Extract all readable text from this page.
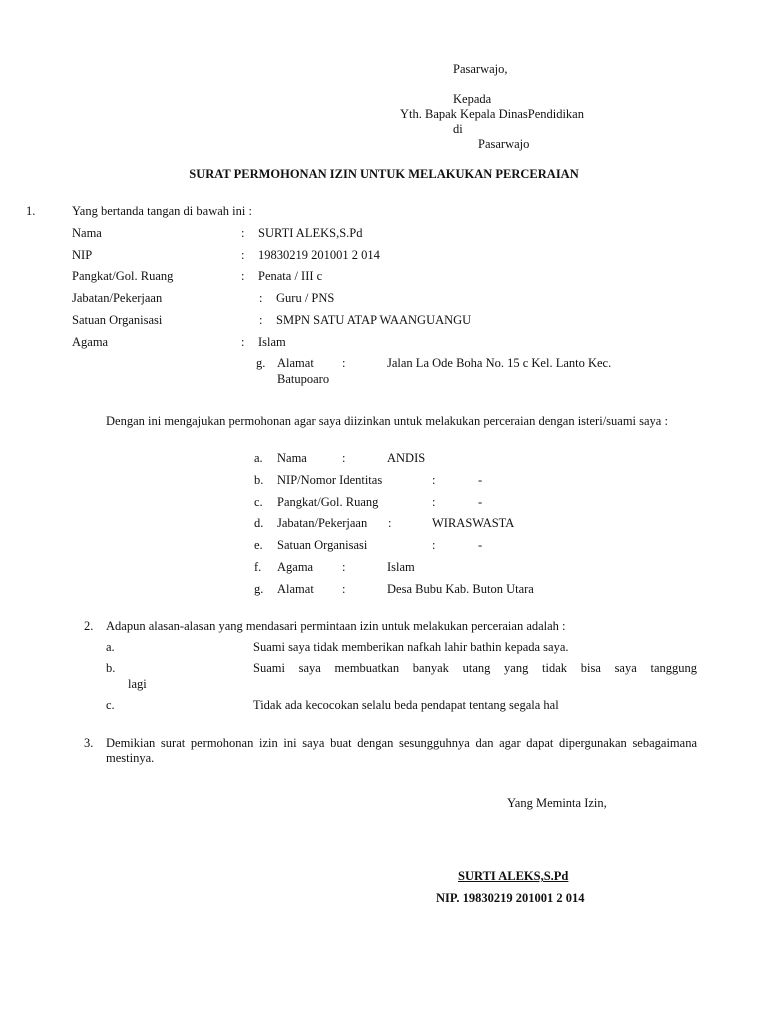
Pasarwajo,
Kepada
Yth. Bapak Kepala DinasPendidikan
di
Pasarwajo
SURAT PERMOHONAN IZIN UNTUK MELAKUKAN PERCERAIAN
1.	Yang bertanda tangan di bawah ini :
Nama	: SURTI ALEKS,S.Pd
NIP	: 19830219 201001 2 014
Pangkat/Gol. Ruang	: Penata / III c
Jabatan/Pekerjaan	: Guru / PNS
Satuan Organisasi	: SMPN SATU ATAP WAANGUANGU
Agama	: Islam
g. Alamat :	Jalan La Ode Boha No. 15 c Kel. Lanto Kec.
Batupoaro
Dengan ini mengajukan permohonan agar saya diizinkan untuk melakukan perceraian dengan isteri/suami saya :
a. Nama	:	ANDIS
b. NIP/Nomor Identitas	:	-
c. Pangkat/Gol. Ruang	:	-
d. Jabatan/Pekerjaan :	WIRASWASTA
e. Satuan Organisasi	:	-
f. Agama :	Islam
g. Alamat :	Desa Bubu Kab. Buton Utara
2. Adapun alasan-alasan yang mendasari permintaan izin untuk melakukan perceraian adalah :
a.	Suami saya tidak memberikan nafkah lahir bathin kepada saya.
b.	Suami saya membuatkan banyak utang yang tidak bisa saya tanggung
lagi
c.	Tidak ada kecocokan selalu beda pendapat tentang segala hal
3. Demikian surat permohonan izin ini saya buat dengan sesungguhnya dan agar dapat dipergunakan sebagaimana mestinya.
Yang Meminta Izin,
SURTI ALEKS,S.Pd
NIP. 19830219 201001 2 014
